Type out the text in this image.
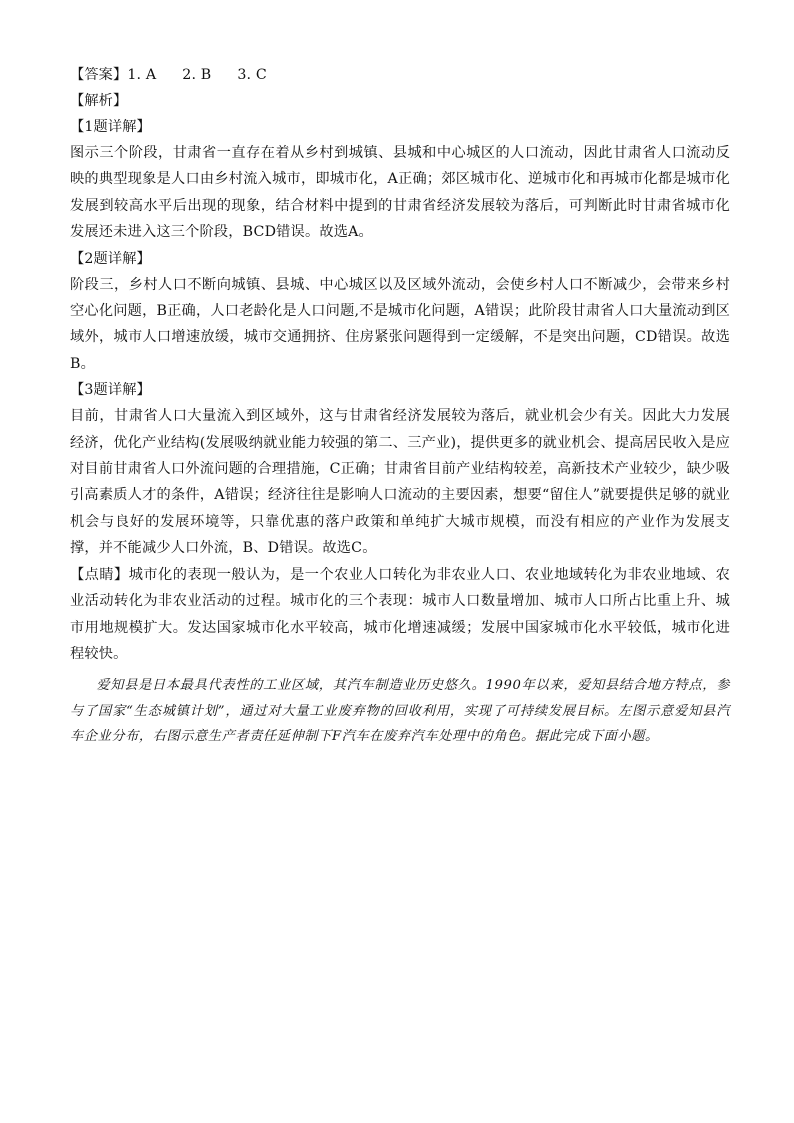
【答案】1. A 2. B 3. C
【解析】
【1题详解】
图示三个阶段，甘肃省一直存在着从乡村到城镇、县城和中心城区的人口流动，因此甘肃省人口流动反映的典型现象是人口由乡村流入城市，即城市化，A正确；郊区城市化、逆城市化和再城市化都是城市化发展到较高水平后出现的现象，结合材料中提到的甘肃省经济发展较为落后，可判断此时甘肃省城市化发展还未进入这三个阶段，BCD错误。故选A。
【2题详解】
阶段三，乡村人口不断向城镇、县城、中心城区以及区域外流动，会使乡村人口不断减少，会带来乡村空心化问题，B正确，人口老龄化是人口问题,不是城市化问题，A错误；此阶段甘肃省人口大量流动到区域外，城市人口增速放缓，城市交通拥挤、住房紧张问题得到一定缓解，不是突出问题，CD错误。故选B。
【3题详解】
目前，甘肃省人口大量流入到区域外，这与甘肃省经济发展较为落后，就业机会少有关。因此大力发展经济，优化产业结构(发展吸纳就业能力较强的第二、三产业)，提供更多的就业机会、提高居民收入是应对目前甘肃省人口外流问题的合理措施，C正确；甘肃省目前产业结构较差，高新技术产业较少，缺少吸引高素质人才的条件，A错误；经济往往是影响人口流动的主要因素，想要“留住人”就要提供足够的就业机会与良好的发展环境等，只靠优惠的落户政策和单纯扩大城市规模，而没有相应的产业作为发展支撑，并不能减少人口外流，B、D错误。故选C。
【点睛】城市化的表现一般认为，是一个农业人口转化为非农业人口、农业地域转化为非农业地域、农业活动转化为非农业活动的过程。城市化的三个表现：城市人口数量增加、城市人口所占比重上升、城市用地规模扩大。发达国家城市化水平较高，城市化增速减缓；发展中国家城市化水平较低，城市化进程较快。
爱知县是日本最具代表性的工业区域，其汽车制造业历史悠久。1990年以来，爱知县结合地方特点，参与了国家“生态城镇计划”，通过对大量工业废弃物的回收利用，实现了可持续发展目标。左图示意爱知县汽车企业分布，右图示意生产者责任延伸制下F汽车在废弃汽车处理中的角色。据此完成下面小题。
